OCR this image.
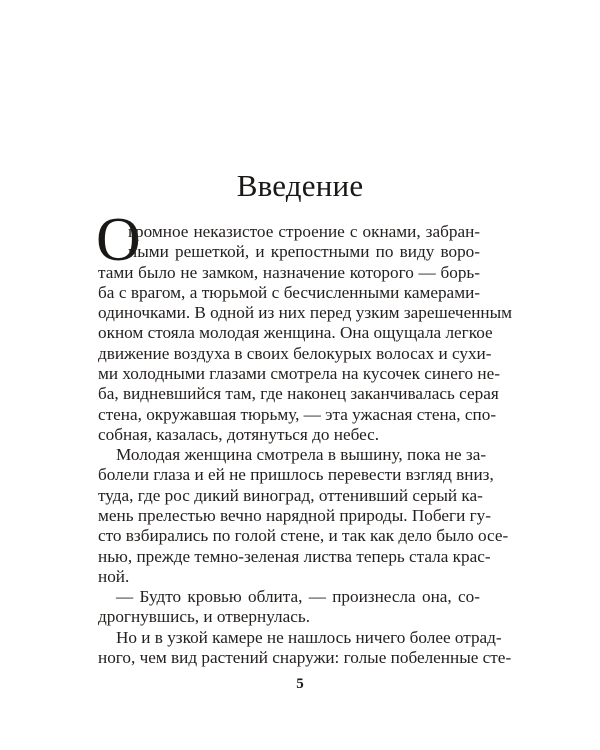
Введение
О
громное неказистое строение с окнами, забран-
ными решеткой, и крепостными по виду воро-
тами было не замком, назначение которого — борь-
ба с врагом, а тюрьмой с бесчисленными камерами-
одиночками. В одной из них перед узким зарешеченным
окном стояла молодая женщина. Она ощущала легкое
движение воздуха в своих белокурых волосах и сухи-
ми холодными глазами смотрела на кусочек синего не-
ба, видневшийся там, где наконец заканчивалась серая
стена, окружавшая тюрьму, — эта ужасная стена, спо-
собная, казалась, дотянуться до небес.
Молодая женщина смотрела в вышину, пока не за-
болели глаза и ей не пришлось перевести взгляд вниз,
туда, где рос дикий виноград, оттенивший серый ка-
мень прелестью вечно нарядной природы. Побеги гу-
сто взбирались по голой стене, и так как дело было осе-
нью, прежде темно-зеленая листва теперь стала крас-
ной.
— Будто кровью облита, — произнесла она, со-
дрогнувшись, и отвернулась.
Но и в узкой камере не нашлось ничего более отрад-
ного, чем вид растений снаружи: голые побеленные сте-
5
